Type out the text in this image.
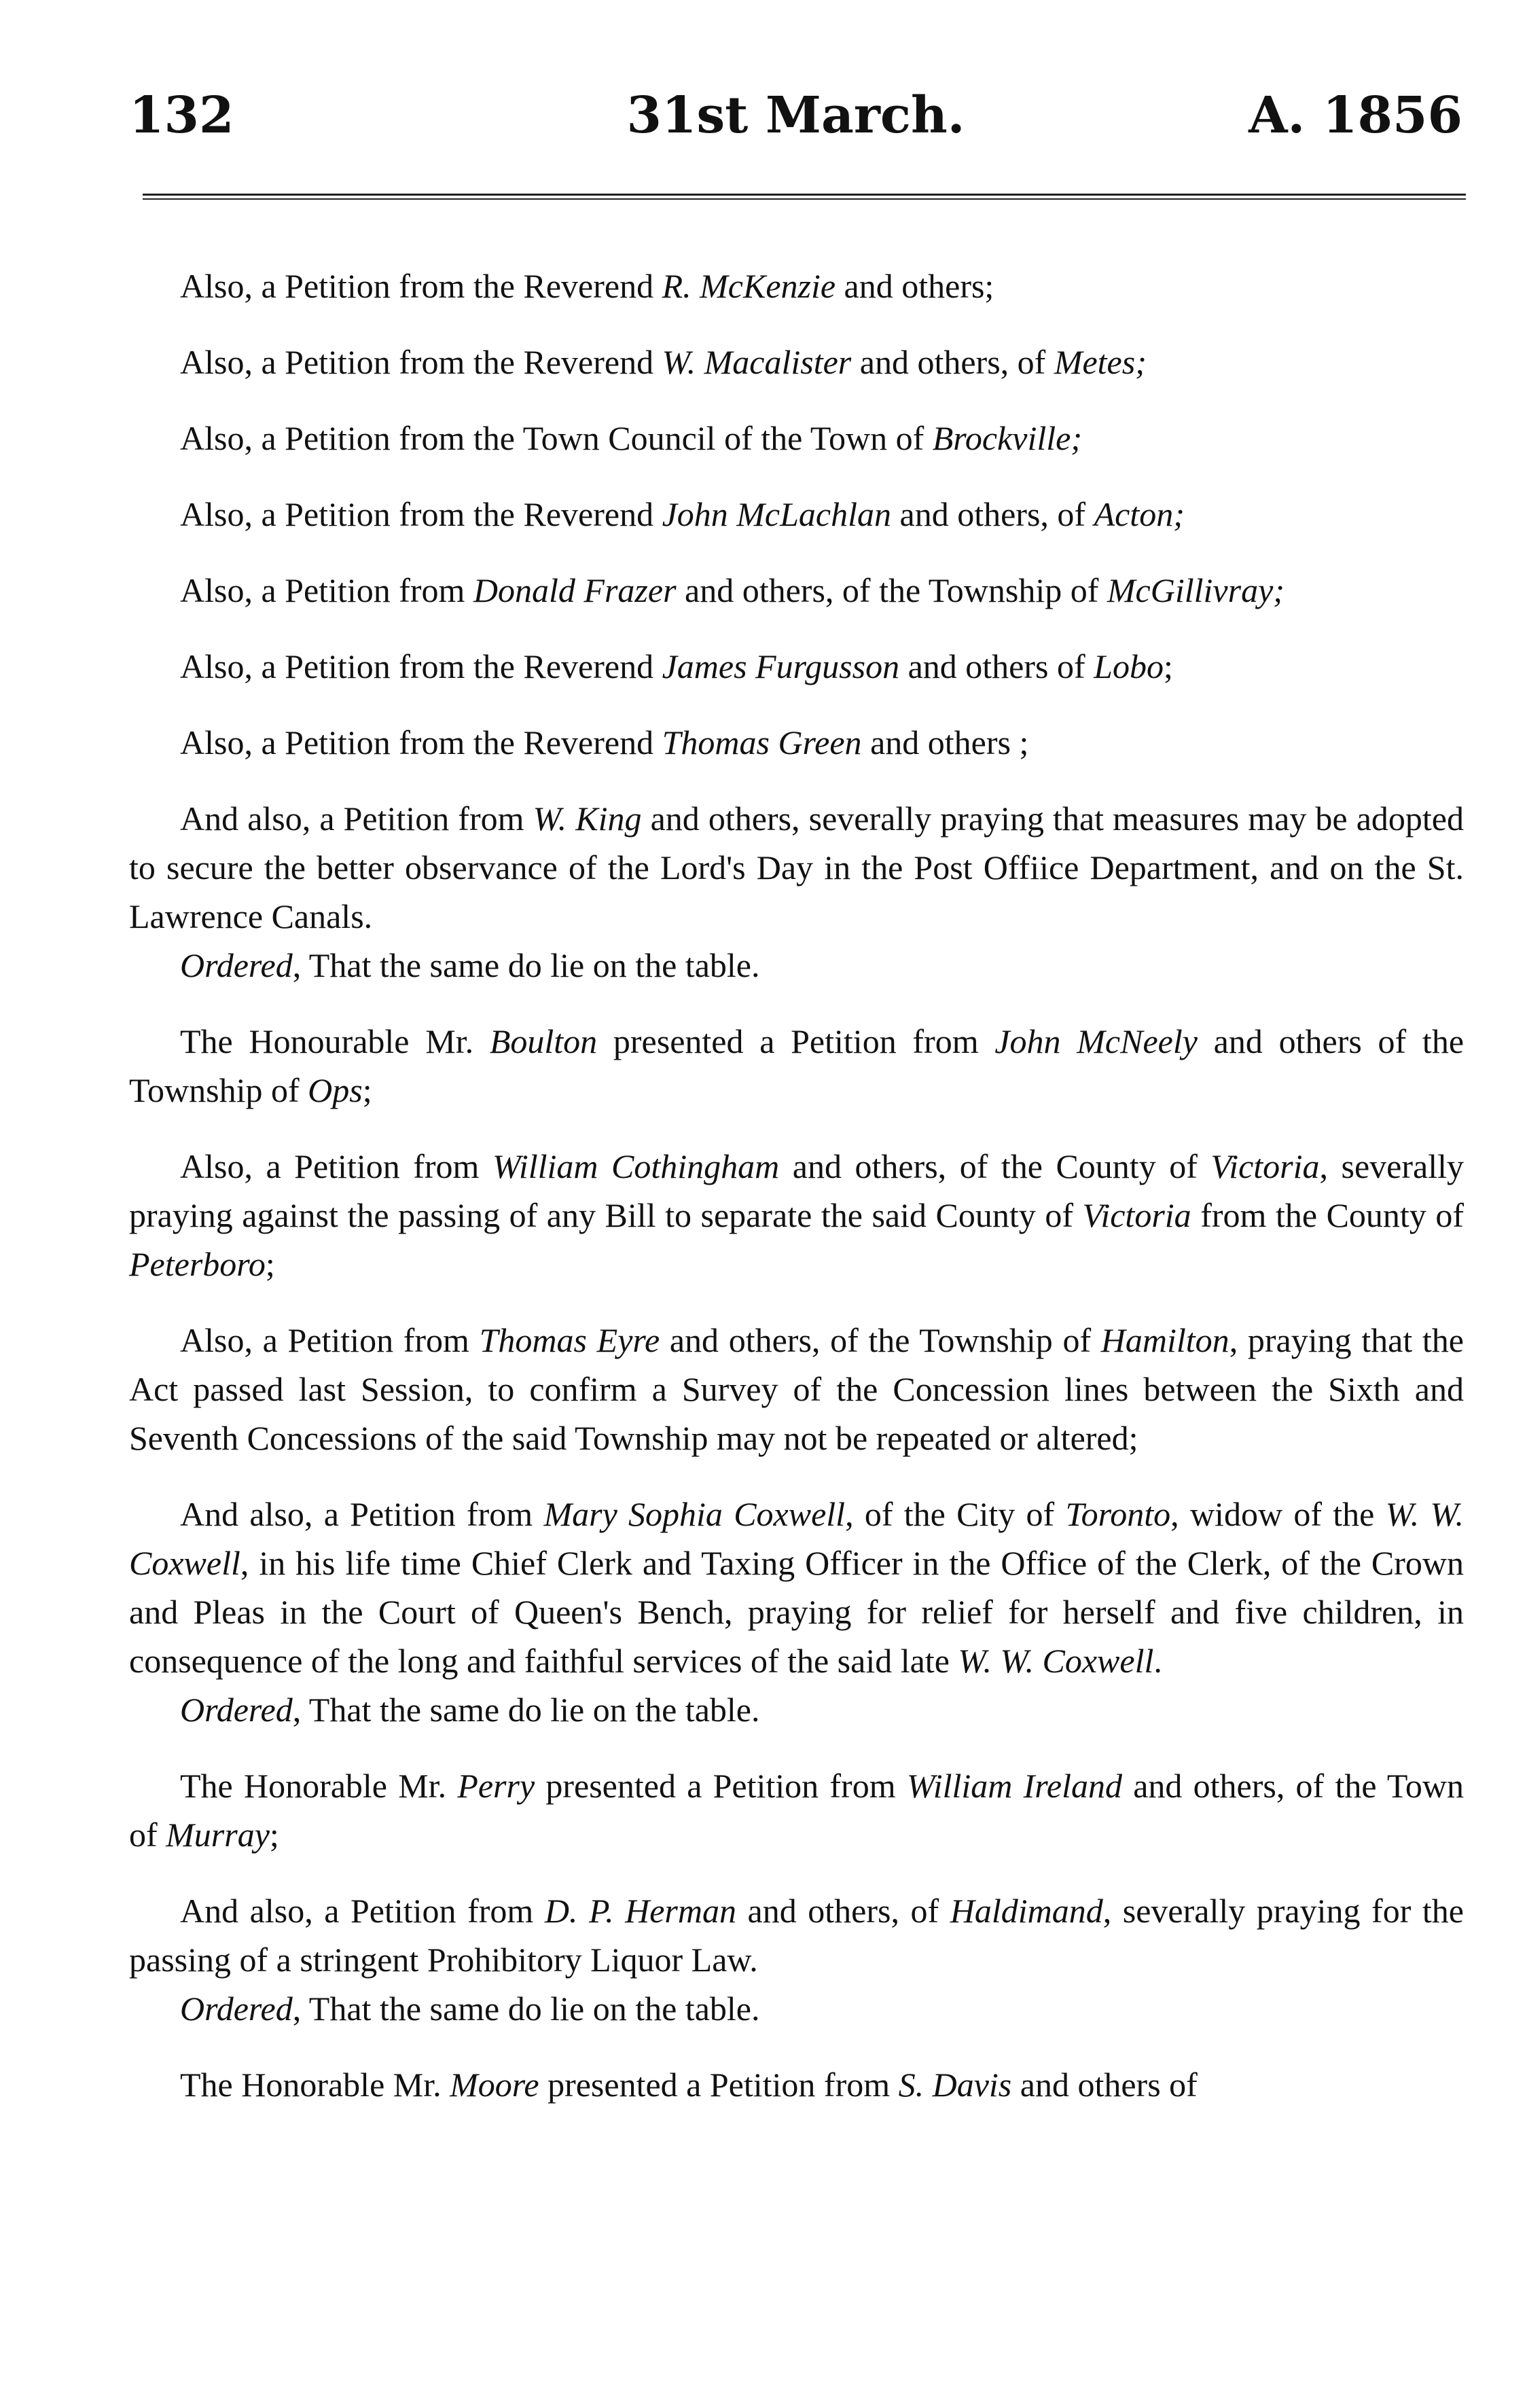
132	31st March.	A. 1856

Also, a Petition from the Reverend R. McKenzie and others;

Also, a Petition from the Reverend W. Macalister and others, of Metes;

Also, a Petition from the Town Council of the Town of Brockville;

Also, a Petition from the Reverend John McLachlan and others, of Acton;

Also, a Petition from Donald Frazer and others, of the Township of McGillivray;

Also, a Petition from the Reverend James Furgusson and others of Lobo;

Also, a Petition from the Reverend Thomas Green and others ;

And also, a Petition from W. King and others, severally praying that measures may be adopted to secure the better observance of the Lord's Day in the Post Offiice Department, and on the St. Lawrence Canals.

Ordered, That the same do lie on the table.

The Honourable Mr. Boulton presented a Petition from John McNeely and others of the Township of Ops;

Also, a Petition from William Cothingham and others, of the County of Victoria, severally praying against the passing of any Bill to separate the said County of Victoria from the County of Peterboro;

Also, a Petition from Thomas Eyre and others, of the Township of Hamilton, praying that the Act passed last Session, to confirm a Survey of the Concession lines between the Sixth and Seventh Concessions of the said Township may not be repeated or altered;

And also, a Petition from Mary Sophia Coxwell, of the City of Toronto, widow of the W. W. Coxwell, in his life time Chief Clerk and Taxing Officer in the Office of the Clerk, of the Crown and Pleas in the Court of Queen's Bench, praying for relief for herself and five children, in consequence of the long and faithful services of the said late W. W. Coxwell.

Ordered, That the same do lie on the table.

The Honorable Mr. Perry presented a Petition from William Ireland and others, of the Town of Murray;

And also, a Petition from D. P. Herman and others, of Haldimand, severally praying for the passing of a stringent Prohibitory Liquor Law.

Ordered, That the same do lie on the table.

The Honorable Mr. Moore presented a Petition from S. Davis and others of
